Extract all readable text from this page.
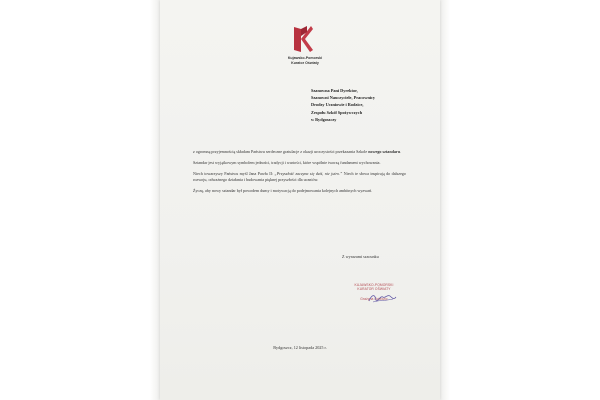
Kujawsko-Pomorski
Kurator Oświaty
Szanowna Pani Dyrektor,
Szanowni Nauczyciele, Pracownicy
Drodzy Uczniowie i Rodzice,
Zespołu Szkół Spożywczych
w Bydgoszczy

z ogromną przyjemnością składam Państwu serdeczne gratulacje z okazji uroczystości przekazania Szkole nowego sztandaru.

Sztandar jest wyjątkowym symbolem jedności, tradycji i wartości, które wspólnie tworzą fundament wychowania.

Niech towarzyszy Państwu myśl Jana Pawła II: „Przyszłość zaczyna się dziś, nie jutro.” Niech te słowa inspirują do dalszego rozwoju, odważnego działania i budowania pięknej przyszłości dla uczniów.

Życzę, aby nowy sztandar był powodem dumy i motywacją do podejmowania kolejnych ambitnych wyzwań.

Z wyrazami szacunku
KUJAWSKO-POMORSKI
KURATOR OŚWIATY
Grażyna Dziedzic
Bydgoszcz, 12 listopada 2025 r.
